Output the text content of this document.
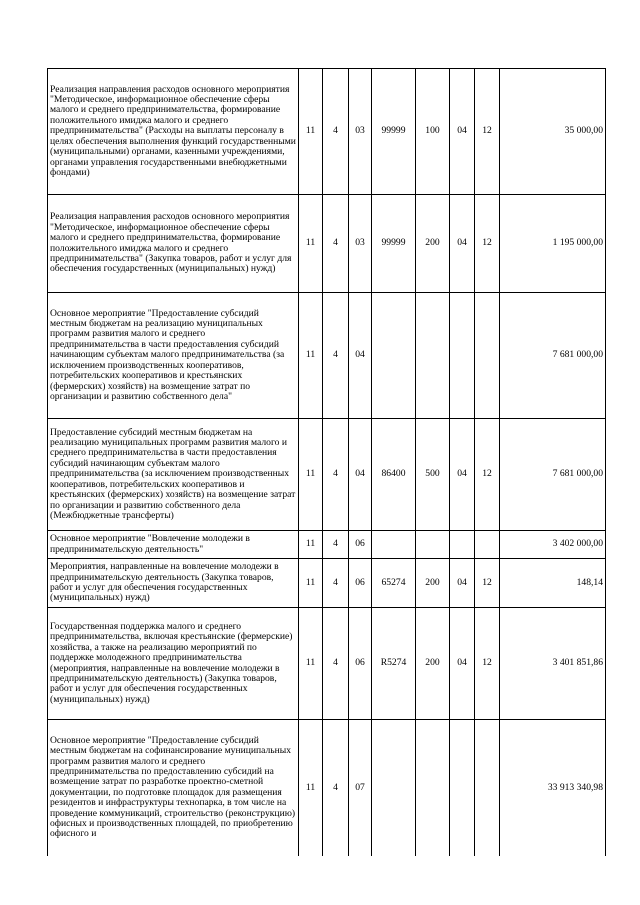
Реализация направления расходов основного мероприятия "Методическое, информационное обеспечение сферы малого и среднего предпринимательства, формирование положительного имиджа малого и среднего предпринимательства" (Расходы на выплаты персоналу в целях обеспечения выполнения функций государственными (муниципальными) органами, казенными учреждениями, органами управления государственными внебюджетными фондами)	11	4	03	99999	100	04	12	35 000,00
Реализация направления расходов основного мероприятия "Методическое, информационное обеспечение сферы малого и среднего предпринимательства, формирование положительного имиджа малого и среднего предпринимательства" (Закупка товаров, работ и услуг для обеспечения государственных (муниципальных) нужд)	11	4	03	99999	200	04	12	1 195 000,00
Основное мероприятие "Предоставление субсидий местным бюджетам на реализацию муниципальных программ развития малого и среднего предпринимательства в части предоставления субсидий начинающим субъектам малого предпринимательства (за исключением производственных кооперативов, потребительских кооперативов и крестьянских (фермерских) хозяйств) на возмещение затрат по организации и развитию собственного дела"	11	4	04					7 681 000,00
Предоставление субсидий местным бюджетам на реализацию муниципальных программ развития малого и среднего предпринимательства в части предоставления субсидий начинающим субъектам малого предпринимательства (за исключением производственных кооперативов, потребительских кооперативов и крестьянских (фермерских) хозяйств) на возмещение затрат по организации и развитию собственного дела (Межбюджетные трансферты)	11	4	04	86400	500	04	12	7 681 000,00
Основное мероприятие "Вовлечение молодежи в предпринимательскую деятельность"	11	4	06					3 402 000,00
Мероприятия, направленные на вовлечение молодежи в предпринимательскую деятельность (Закупка товаров, работ и услуг для обеспечения государственных (муниципальных) нужд)	11	4	06	65274	200	04	12	148,14
Государственная поддержка малого и среднего предпринимательства, включая крестьянские (фермерские) хозяйства, а также на реализацию мероприятий по поддержке молодежного предпринимательства (мероприятия, направленные на вовлечение молодежи в предпринимательскую деятельность) (Закупка товаров, работ и услуг для обеспечения государственных (муниципальных) нужд)	11	4	06	R5274	200	04	12	3 401 851,86
Основное мероприятие "Предоставление субсидий местным бюджетам на софинансирование муниципальных программ развития малого и среднего предпринимательства по предоставлению субсидий на возмещение затрат по разработке проектно-сметной документации, по подготовке площадок для размещения резидентов и инфраструктуры технопарка, в том числе на проведение коммуникаций, строительство (реконструкцию) офисных и производственных площадей, по приобретению офисного и	11	4	07					33 913 340,98
